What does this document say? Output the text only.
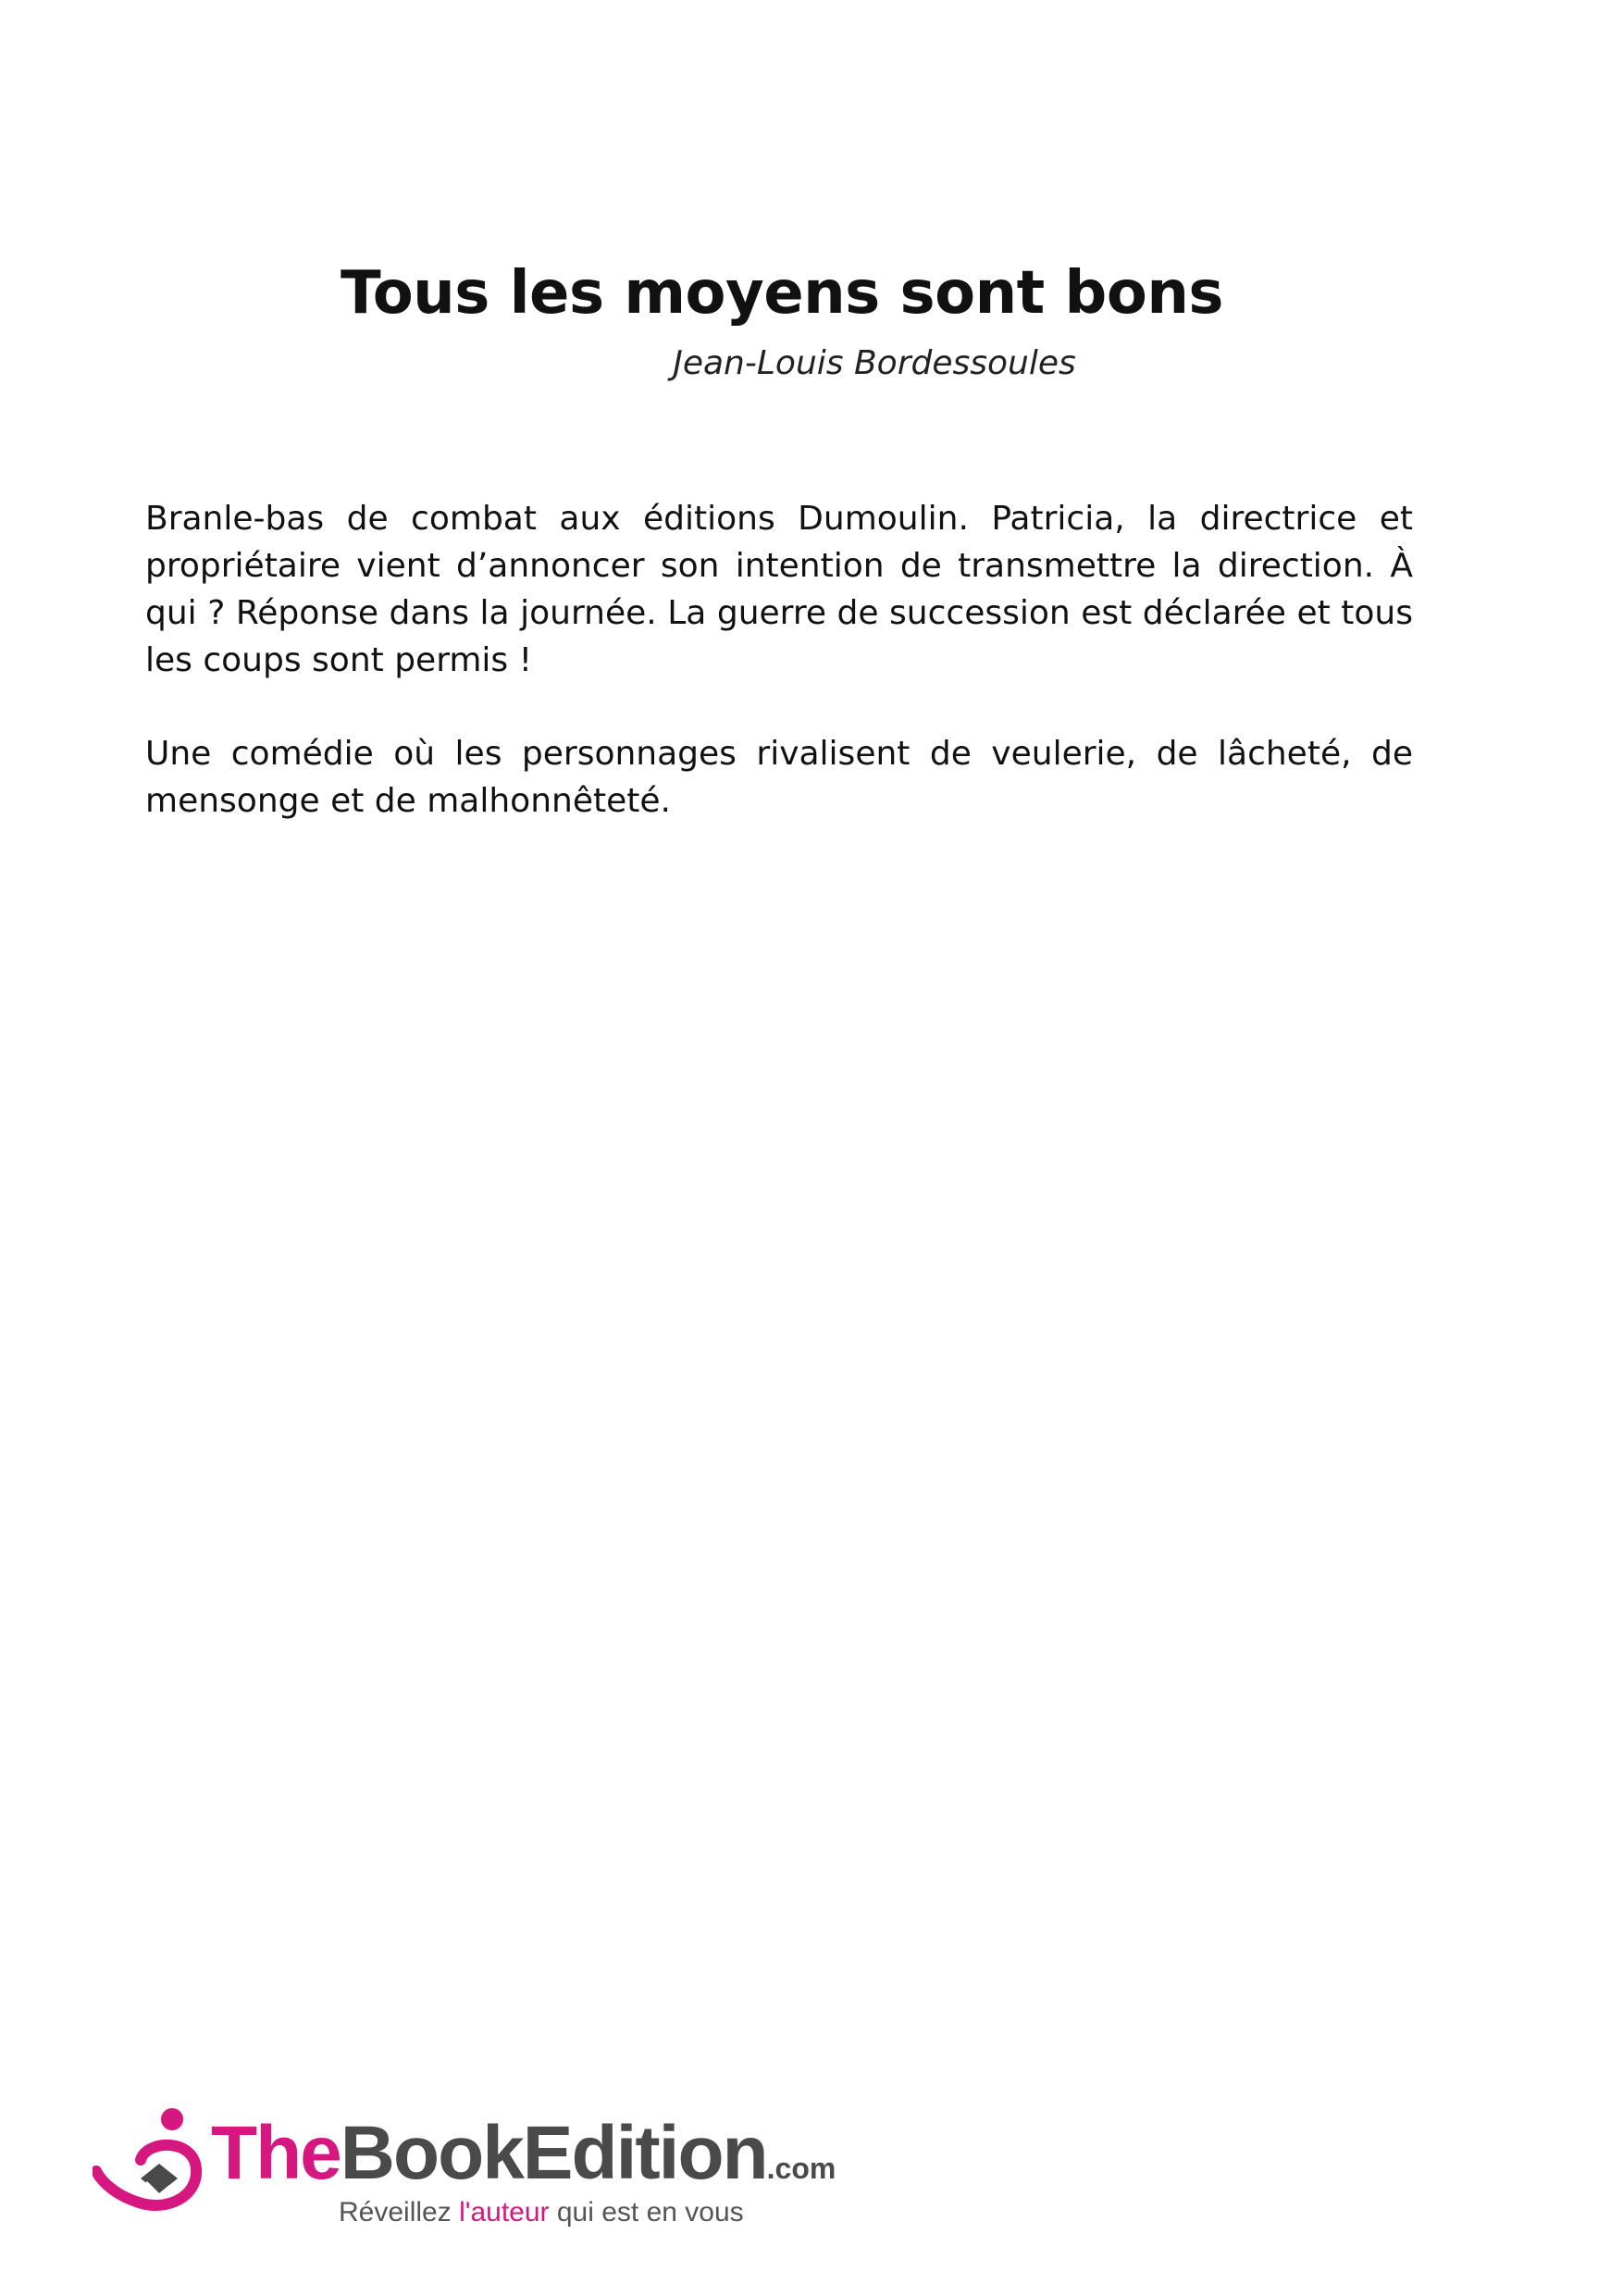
Tous les moyens sont bons
Jean-Louis Bordessoules

Branle-bas de combat aux éditions Dumoulin. Patricia, la directrice et propriétaire vient d’annoncer son intention de transmettre la direction. À qui ? Réponse dans la journée. La guerre de succession est déclarée et tous les coups sont permis !

Une comédie où les personnages rivalisent de veulerie, de lâcheté, de mensonge et de malhonnêteté.

TheBookEdition.com
Réveillez l'auteur qui est en vous
